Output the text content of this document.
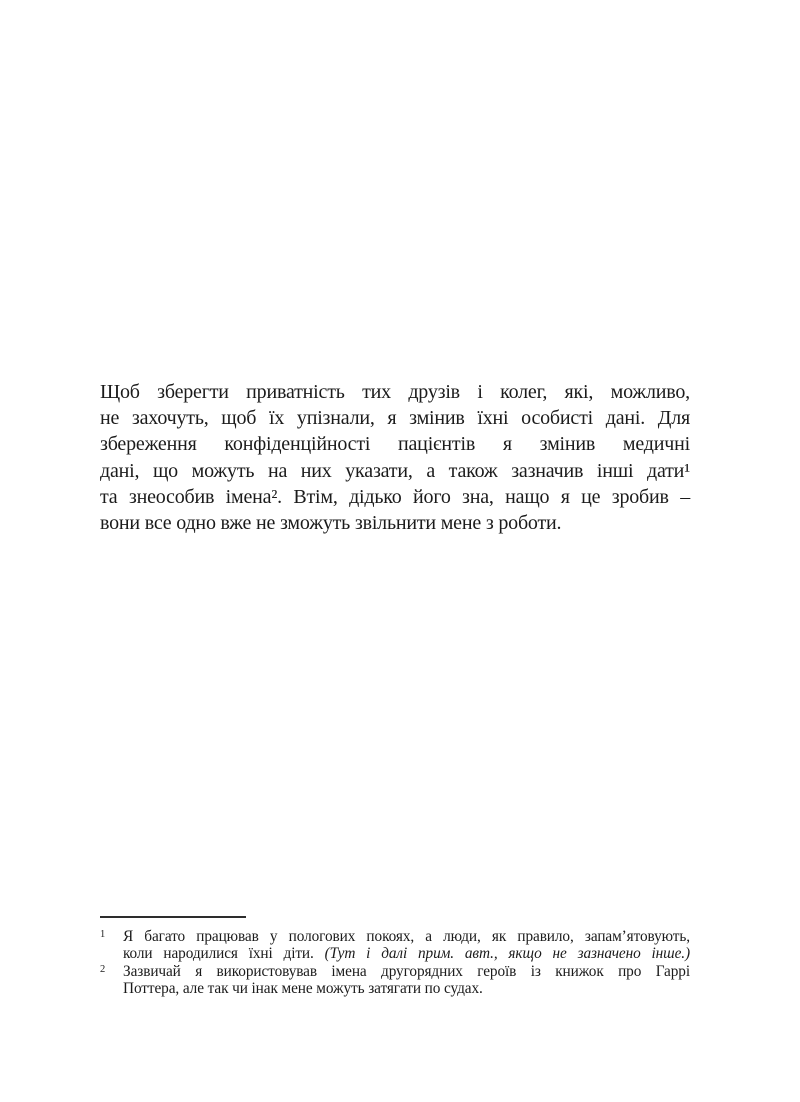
Щоб зберегти приватність тих друзів і колег, які, можливо,
не захочуть, щоб їх упізнали, я змінив їхні особисті дані. Для
збереження конфіденційності пацієнтів я змінив медичні
дані, що можуть на них указати, а також зазначив інші дати¹
та знеособив імена². Втім, дідько його зна, нащо я це зробив –
вони все одно вже не зможуть звільнити мене з роботи.
1	Я багато працював у пологових покоях, а люди, як правило, запам’ятовують,
коли народилися їхні діти. (Тут і далі прим. авт., якщо не зазначено інше.)
2	Зазвичай я використовував імена другорядних героїв із книжок про Гаррі
Поттера, але так чи інак мене можуть затягати по судах.
